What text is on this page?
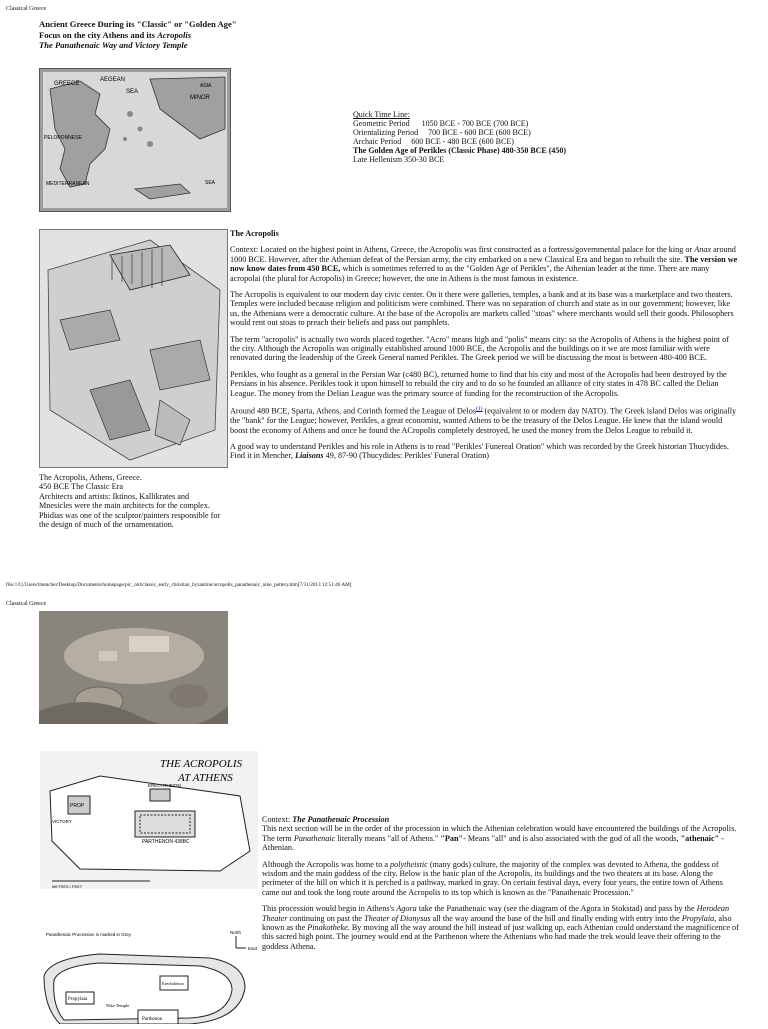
Classical Greece
Ancient Greece During its "Classic" or "Golden Age"
Focus on the city Athens and its Acropolis
The Panathenaic Way and Victory Temple
AEGEAN
GREECE
SEA
MINOR
ASIA
PELOPONNESE
MEDITERRANEAN	SEA
Quick Time Line:
Geometric Period      1050 BCE - 700 BCE (700 BCE)
Orientalizing Period     700 BCE - 600 BCE (600 BCE)
Archaic Period     600 BCE - 480 BCE (600 BCE)
The Golden Age of Perikles (Classic Phase) 480-350 BCE (450)
Late Hellenism 350-30 BCE
The Acropolis, Athens, Greece.
450 BCE The Classic Era
Architects and artists: Iktinos, Kallikrates and Mnesicles were the main architects for the complex. Phidias was one of the sculptor/painters responsible for the design of much of the ornamentation.
The Acropolis

Context: Located on the highest point in Athens, Greece, the Acropolis was first constructed as a fortress/governmental palace for the king or Anax around 1000 BCE. However, after the Athenian defeat of the Persian army, the city embarked on a new Classical Era and began to rebuilt the site. The version we now know dates from 450 BCE, which is sometimes referred to as the "Golden Age of Perikles", the Athenian leader at the time. There are many acropolai (the plural for Acropolis) in Greece; however, the one in Athens is the most famous in existence.

The Acropolis is equivalent to our modern day civic center. On it there were galleries, temples, a bank and at its base was a marketplace and two theaters. Temples were included because religion and politicism were combined. There was no separation of church and state as in our government; however, like us, the Athenians were a democratic culture. At the base of the Acropolis are markets called "stoas" where merchants would sell their goods. Philosophers would rent out stoas to preach their beliefs and pass out pamphlets.

The term "acropolis" is actually two words placed together. "Acro" means high and "polis" means city: so the Acropolis of Athens is the highest point of the city. Although the Acropolis was originally established around 1000 BCE, the Acropolis and the buildings on it we are most familiar with were renovated during the leadership of the Greek General named Perikles. The Greek period we will be discussing the most is between 480-400 BCE.

Perikles, who fought as a general in the Persian War (c480 BC), returned home to find that his city and most of the Acropolis had been destroyed by the Persians in his absence. Perikles took it upon himself to rebuild the city and to do so he founded an alliance of city states in 478 BC called the Delian League. The money from the Delian League was the primary source of funding for the reconstruction of the Acropolis.

Around 480 BCE, Sparta, Athens, and Corinth formed the League of Delos$^{(1)}$ (equivalent to or modern day NATO). The Greek island Delos was originally the "bank" for the League; however, Perikles, a great economist, wanted Athens to be the treasury of the Delos League. He knew that the island would boost the economy of Athens and once he found the ACropolis completely destroyed, he used the money from the Delos League to rebuild it.

A good way to understand Perikles and his role in Athens is to read "Perikles' Funereal Oration" which was recorded by the Greek historian Thucydides. Find it in Mencher, Liaisons 49, 87-90 (Thucydides: Perikles' Funeral Oration)

file:///C|/Users/lmencher/Desktop/Documents/homepage/pic_old/classic_early_christian_byzantine/acropolis_panathenaic_nike_pottery.htm[7/31/2013 12:51:46 AM]
Classical Greece
THE ACROPOLIS
AT ATHENS
PARTHENON 438BC
PROP
VICTORY
ERECHTHEION
METRES / FEET
Panathenaic Procession is marked in Grey	North
East
Erechtheion
Propylaia
Nike Temple
Parthenon
Context: The Panathenaic Procession

This next section will be in the order of the procession in which the Athenian celebration would have encountered the buildings of the Acropolis. The term Panathenaic literally means "all of Athens." "Pan"- Means "all" and is also associated with the god of all the woods, "athenaic" - Athenian.

Although the Acropolis was home to a polytheistic (many gods) culture, the majority of the complex was devoted to Athena, the goddess of wisdom and the main goddess of the city. Below is the basic plan of the Acropolis, its buildings and the two theaters at its base. Along the perimeter of the hill on which it is perched is a pathway, marked in gray. On certain festival days, every four years, the entire town of Athens came out and took the long route around the Acropolis to its top which is known as the "Panathenaic Procession."

This procession would begin in Athens's Agora take the Panathenaic way (see the diagram of the Agora in Stokstad) and pass by the Herodean Theater continuing on past the Theater of Dionysus all the way around the base of the hill and finally ending with entry into the Propylaia, also known as the Pinakotheke. By moving all the way around the hill instead of just walking up, each Athenian could understand the magnificence of this sacred high point. The journey would end at the Parthenon where the Athenians who had made the trek would leave their offering to the goddess Athena.
